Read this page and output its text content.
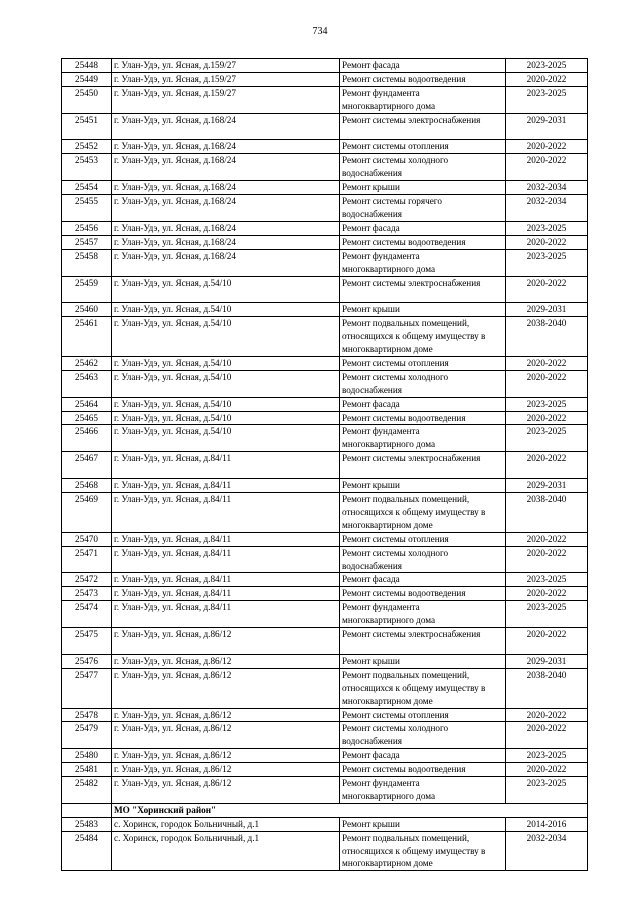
734
25448	г. Улан-Удэ, ул. Ясная, д.159/27	Ремонт фасада	2023-2025
25449	г. Улан-Удэ, ул. Ясная, д.159/27	Ремонт системы водоотведения	2020-2022
25450	г. Улан-Удэ, ул. Ясная, д.159/27	Ремонт фундамента
многоквартирного дома	2023-2025
25451	г. Улан-Удэ, ул. Ясная, д.168/24	Ремонт системы электроснабжения	2029-2031
25452	г. Улан-Удэ, ул. Ясная, д.168/24	Ремонт системы отопления	2020-2022
25453	г. Улан-Удэ, ул. Ясная, д.168/24	Ремонт системы холодного
водоснабжения	2020-2022
25454	г. Улан-Удэ, ул. Ясная, д.168/24	Ремонт крыши	2032-2034
25455	г. Улан-Удэ, ул. Ясная, д.168/24	Ремонт системы горячего
водоснабжения	2032-2034
25456	г. Улан-Удэ, ул. Ясная, д.168/24	Ремонт фасада	2023-2025
25457	г. Улан-Удэ, ул. Ясная, д.168/24	Ремонт системы водоотведения	2020-2022
25458	г. Улан-Удэ, ул. Ясная, д.168/24	Ремонт фундамента
многоквартирного дома	2023-2025
25459	г. Улан-Удэ, ул. Ясная, д.54/10	Ремонт системы электроснабжения	2020-2022
25460	г. Улан-Удэ, ул. Ясная, д.54/10	Ремонт крыши	2029-2031
25461	г. Улан-Удэ, ул. Ясная, д.54/10	Ремонт подвальных помещений,
относящихся к общему имуществу в
многоквартирном доме	2038-2040
25462	г. Улан-Удэ, ул. Ясная, д.54/10	Ремонт системы отопления	2020-2022
25463	г. Улан-Удэ, ул. Ясная, д.54/10	Ремонт системы холодного
водоснабжения	2020-2022
25464	г. Улан-Удэ, ул. Ясная, д.54/10	Ремонт фасада	2023-2025
25465	г. Улан-Удэ, ул. Ясная, д.54/10	Ремонт системы водоотведения	2020-2022
25466	г. Улан-Удэ, ул. Ясная, д.54/10	Ремонт фундамента
многоквартирного дома	2023-2025
25467	г. Улан-Удэ, ул. Ясная, д.84/11	Ремонт системы электроснабжения	2020-2022
25468	г. Улан-Удэ, ул. Ясная, д.84/11	Ремонт крыши	2029-2031
25469	г. Улан-Удэ, ул. Ясная, д.84/11	Ремонт подвальных помещений,
относящихся к общему имуществу в
многоквартирном доме	2038-2040
25470	г. Улан-Удэ, ул. Ясная, д.84/11	Ремонт системы отопления	2020-2022
25471	г. Улан-Удэ, ул. Ясная, д.84/11	Ремонт системы холодного
водоснабжения	2020-2022
25472	г. Улан-Удэ, ул. Ясная, д.84/11	Ремонт фасада	2023-2025
25473	г. Улан-Удэ, ул. Ясная, д.84/11	Ремонт системы водоотведения	2020-2022
25474	г. Улан-Удэ, ул. Ясная, д.84/11	Ремонт фундамента
многоквартирного дома	2023-2025
25475	г. Улан-Удэ, ул. Ясная, д.86/12	Ремонт системы электроснабжения	2020-2022
25476	г. Улан-Удэ, ул. Ясная, д.86/12	Ремонт крыши	2029-2031
25477	г. Улан-Удэ, ул. Ясная, д.86/12	Ремонт подвальных помещений,
относящихся к общему имуществу в
многоквартирном доме	2038-2040
25478	г. Улан-Удэ, ул. Ясная, д.86/12	Ремонт системы отопления	2020-2022
25479	г. Улан-Удэ, ул. Ясная, д.86/12	Ремонт системы холодного
водоснабжения	2020-2022
25480	г. Улан-Удэ, ул. Ясная, д.86/12	Ремонт фасада	2023-2025
25481	г. Улан-Удэ, ул. Ясная, д.86/12	Ремонт системы водоотведения	2020-2022
25482	г. Улан-Удэ, ул. Ясная, д.86/12	Ремонт фундамента
многоквартирного дома	2023-2025
	МО "Хоринский район"		
25483	с. Хоринск, городок Больничный, д.1	Ремонт крыши	2014-2016
25484	с. Хоринск, городок Больничный, д.1	Ремонт подвальных помещений,
относящихся к общему имуществу в
многоквартирном доме	2032-2034
